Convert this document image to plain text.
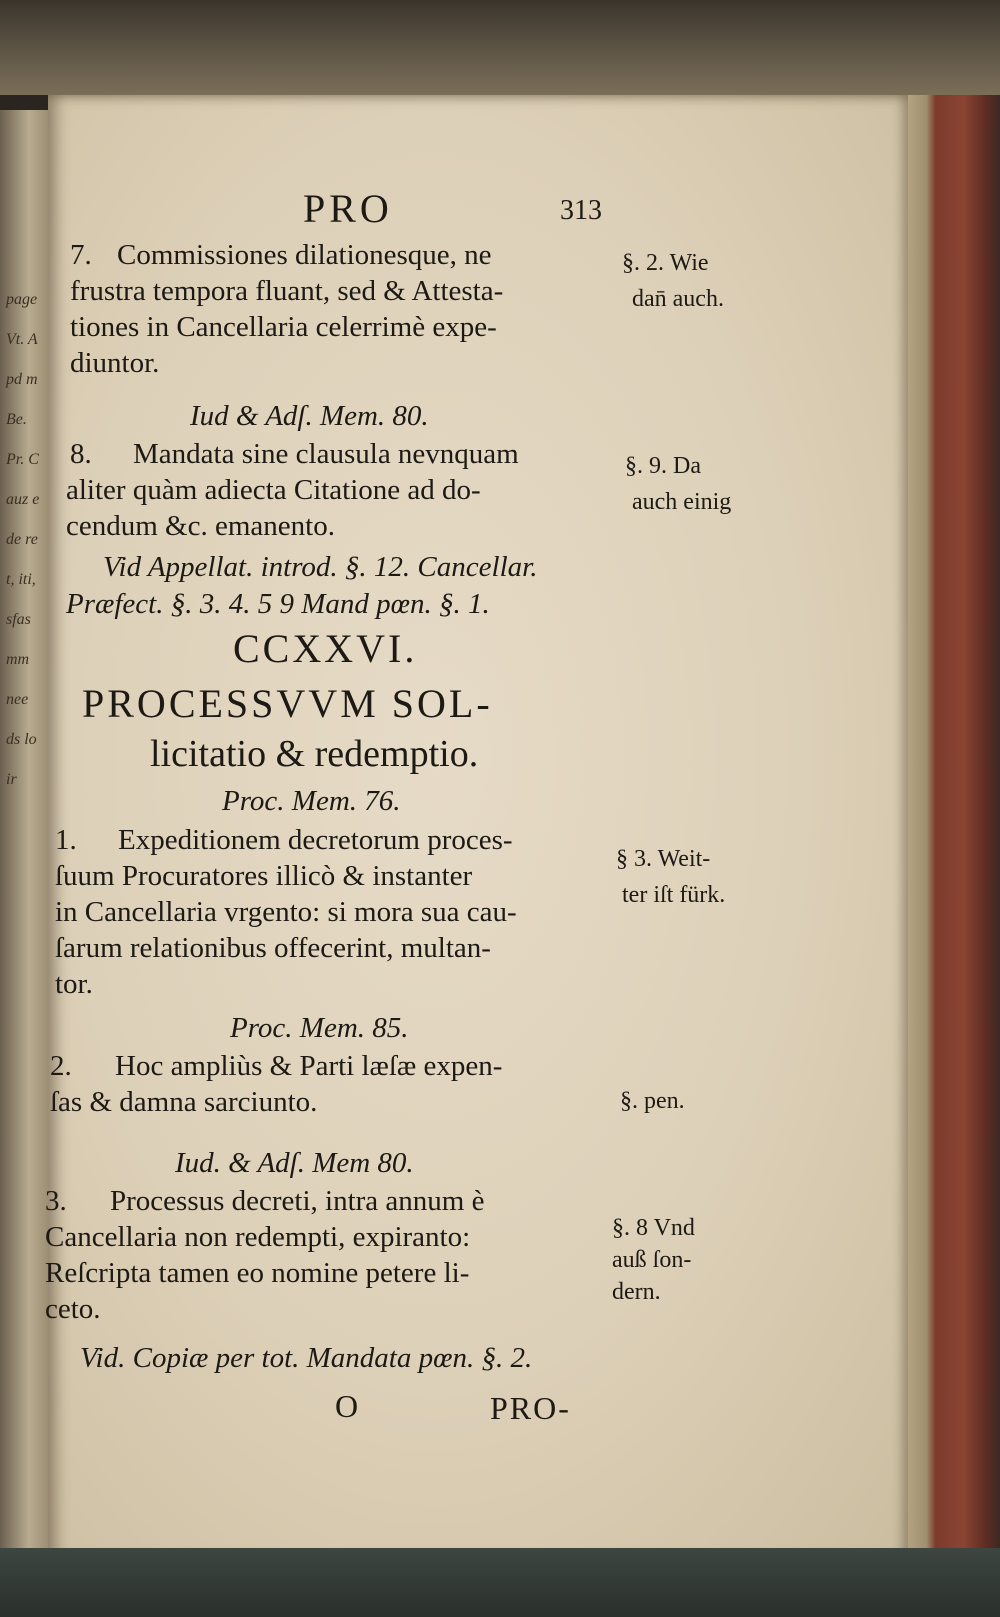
page Vt. Apd mBe. Pr. Cauz ede ret, iti, sfas mm nee ds loir
PRO	313
7. Commissiones dilationesque, ne
frustra tempora fluant, sed & Attesta-
tiones in Cancellaria celerrimè expe-
diuntor.
§. 2. Wie
dan̄ auch.
Iud & Adſ. Mem. 80.
8. Mandata sine clausula nevnquam
aliter quàm adiecta Citatione ad do-
cendum &c. emanento.
§. 9. Da
auch einig
Vid Appellat. introd. §. 12. Cancellar.
Præfect. §. 3. 4. 5 9 Mand pœn. §. 1.
CCXXVI.
PROCESSVVM SOL-
licitatio & redemptio.
Proc. Mem. 76.
1. Expeditionem decretorum proces-
ſuum Procuratores illicò & instanter
in Cancellaria vrgento: si mora sua cau-
ſarum relationibus offecerint, multan-
tor.
§ 3. Weit-
ter iſt fürk.
Proc. Mem. 85.
2. Hoc ampliùs & Parti læſæ expen-
ſas & damna sarciunto.	§. pen.
Iud. & Adſ. Mem 80.
3. Processus decreti, intra annum è
Cancellaria non redempti, expiranto:
Reſcripta tamen eo nomine petere li-
ceto.
§. 8 Vnd
auß ſon-
dern.
Vid. Copiæ per tot. Mandata pœn. §. 2.
O	PRO-
